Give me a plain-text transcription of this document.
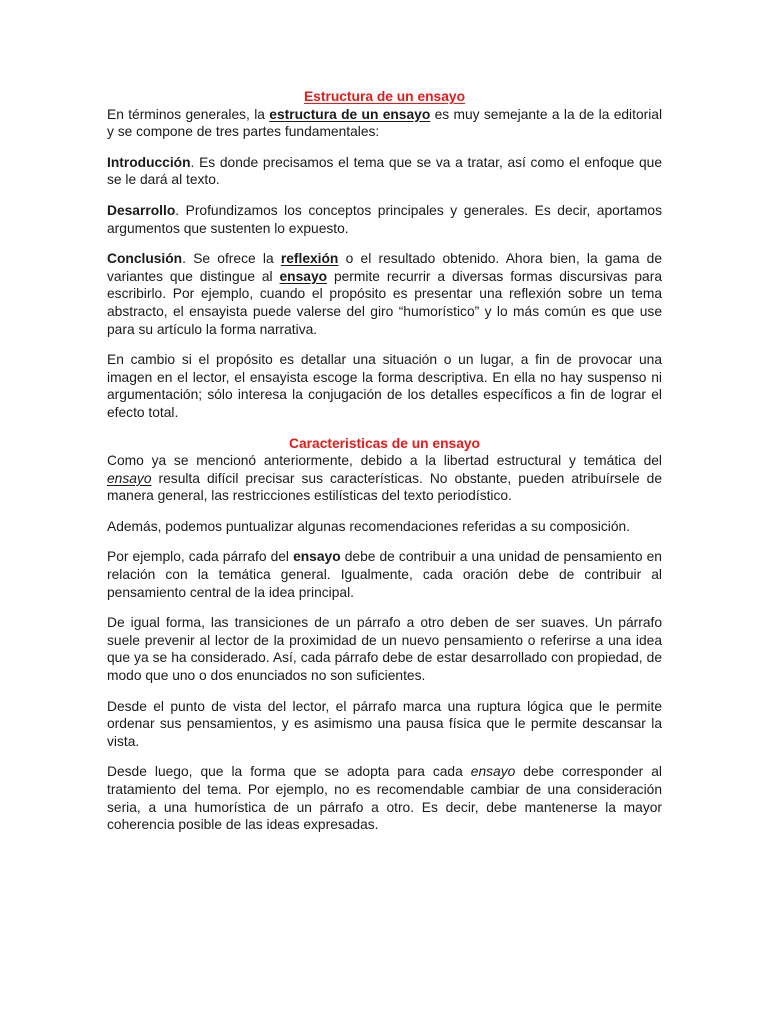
Estructura de un ensayo

En términos generales, la estructura de un ensayo es muy semejante a la de la editorial y se compone de tres partes fundamentales:

Introducción. Es donde precisamos el tema que se va a tratar, así como el enfoque que se le dará al texto.

Desarrollo. Profundizamos los conceptos principales y generales. Es decir, aportamos argumentos que sustenten lo expuesto.

Conclusión. Se ofrece la reflexión o el resultado obtenido. Ahora bien, la gama de variantes que distingue al ensayo permite recurrir a diversas formas discursivas para escribirlo. Por ejemplo, cuando el propósito es presentar una reflexión sobre un tema abstracto, el ensayista puede valerse del giro “humorístico” y lo más común es que use para su artículo la forma narrativa.

En cambio si el propósito es detallar una situación o un lugar, a fin de provocar una imagen en el lector, el ensayista escoge la forma descriptiva. En ella no hay suspenso ni argumentación; sólo interesa la conjugación de los detalles específicos a fin de lograr el efecto total.

Caracteristicas de un ensayo

Como ya se mencionó anteriormente, debido a la libertad estructural y temática del ensayo resulta difícil precisar sus características. No obstante, pueden atribuírsele de manera general, las restricciones estilísticas del texto periodístico.

Además, podemos puntualizar algunas recomendaciones referidas a su composición.

Por ejemplo, cada párrafo del ensayo debe de contribuir a una unidad de pensamiento en relación con la temática general. Igualmente, cada oración debe de contribuir al pensamiento central de la idea principal.

De igual forma, las transiciones de un párrafo a otro deben de ser suaves. Un párrafo suele prevenir al lector de la proximidad de un nuevo pensamiento o referirse a una idea que ya se ha considerado. Así, cada párrafo debe de estar desarrollado con propiedad, de modo que uno o dos enunciados no son suficientes.

Desde el punto de vista del lector, el párrafo marca una ruptura lógica que le permite ordenar sus pensamientos, y es asimismo una pausa física que le permite descansar la vista.

Desde luego, que la forma que se adopta para cada ensayo debe corresponder al tratamiento del tema. Por ejemplo, no es recomendable cambiar de una consideración seria, a una humorística de un párrafo a otro. Es decir, debe mantenerse la mayor coherencia posible de las ideas expresadas.
